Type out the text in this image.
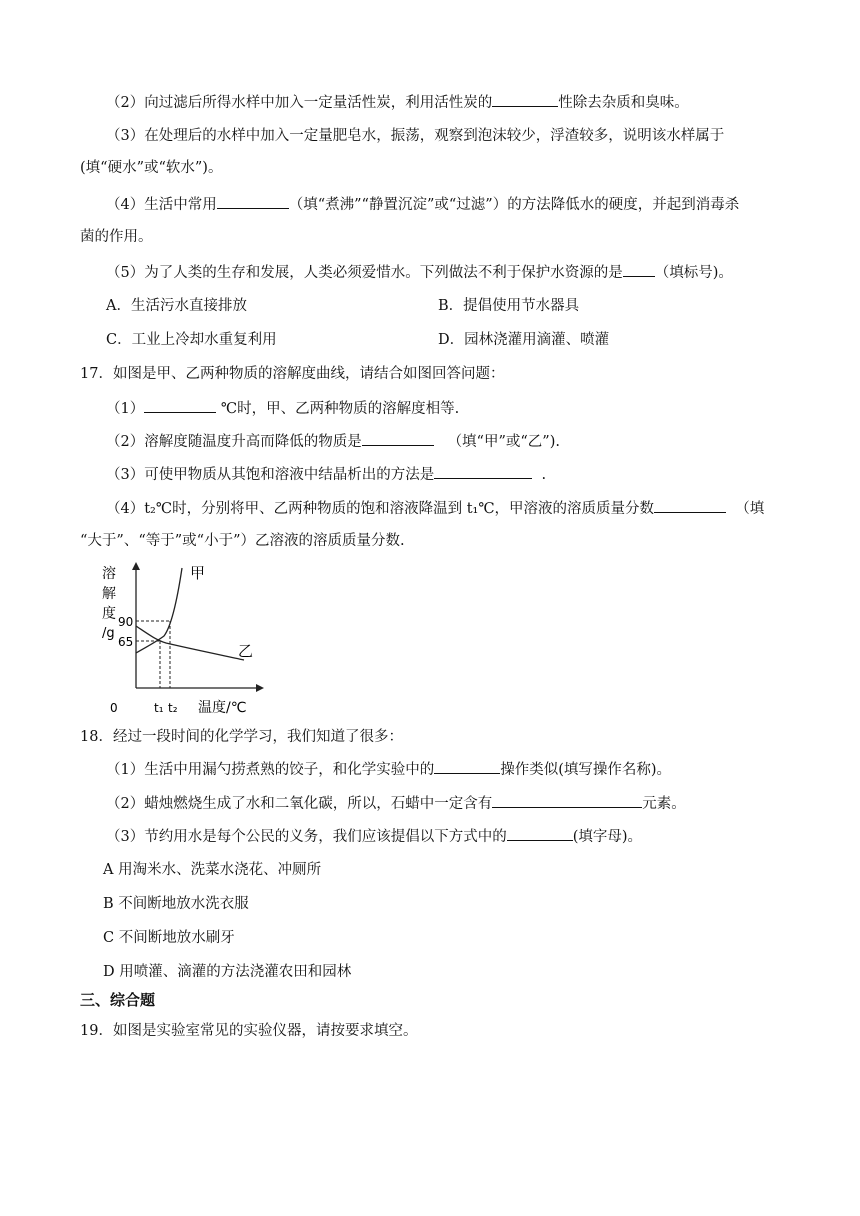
（2）向过滤后所得水样中加入一定量活性炭，利用活性炭的	性除去杂质和臭味。
（3）在处理后的水样中加入一定量肥皂水，振荡，观察到泡沫较少，浮渣较多，说明该水样属于
(填“硬水”或“软水”)。
（4）生活中常用	（填“煮沸”“静置沉淀”或“过滤”）的方法降低水的硬度，并起到消毒杀
菌的作用。
（5）为了人类的生存和发展，人类必须爱惜水。下列做法不利于保护水资源的是 （填标号)。
A．生活污水直接排放	B．提倡使用节水器具
C．工业上冷却水重复利用	D．园林浇灌用滴灌、喷灌
17．如图是甲、乙两种物质的溶解度曲线，请结合如图回答问题：
（1）	℃时，甲、乙两种物质的溶解度相等.
（2）溶解度随温度升高而降低的物质是	（填“甲”或“乙”).
（3）可使甲物质从其饱和溶液中结晶析出的方法是	.
（4）t₂℃时，分别将甲、乙两种物质的饱和溶液降温到 t₁℃，甲溶液的溶质质量分数	（填
“大于”、“等于”或“小于”）乙溶液的溶质质量分数.
溶
解
度
/g
90
65
甲
乙
0	t₁ t₂ 温度/℃
18．经过一段时间的化学学习，我们知道了很多：
（1）生活中用漏勺捞煮熟的饺子，和化学实验中的	操作类似(填写操作名称)。
（2）蜡烛燃烧生成了水和二氧化碳，所以，石蜡中一定含有	元素。
（3）节约用水是每个公民的义务，我们应该提倡以下方式中的	(填字母)。
A 用淘米水、洗菜水浇花、冲厕所
B 不间断地放水洗衣服
C 不间断地放水刷牙
D 用喷灌、滴灌的方法浇灌农田和园林
三、综合题
19．如图是实验室常见的实验仪器，请按要求填空。
